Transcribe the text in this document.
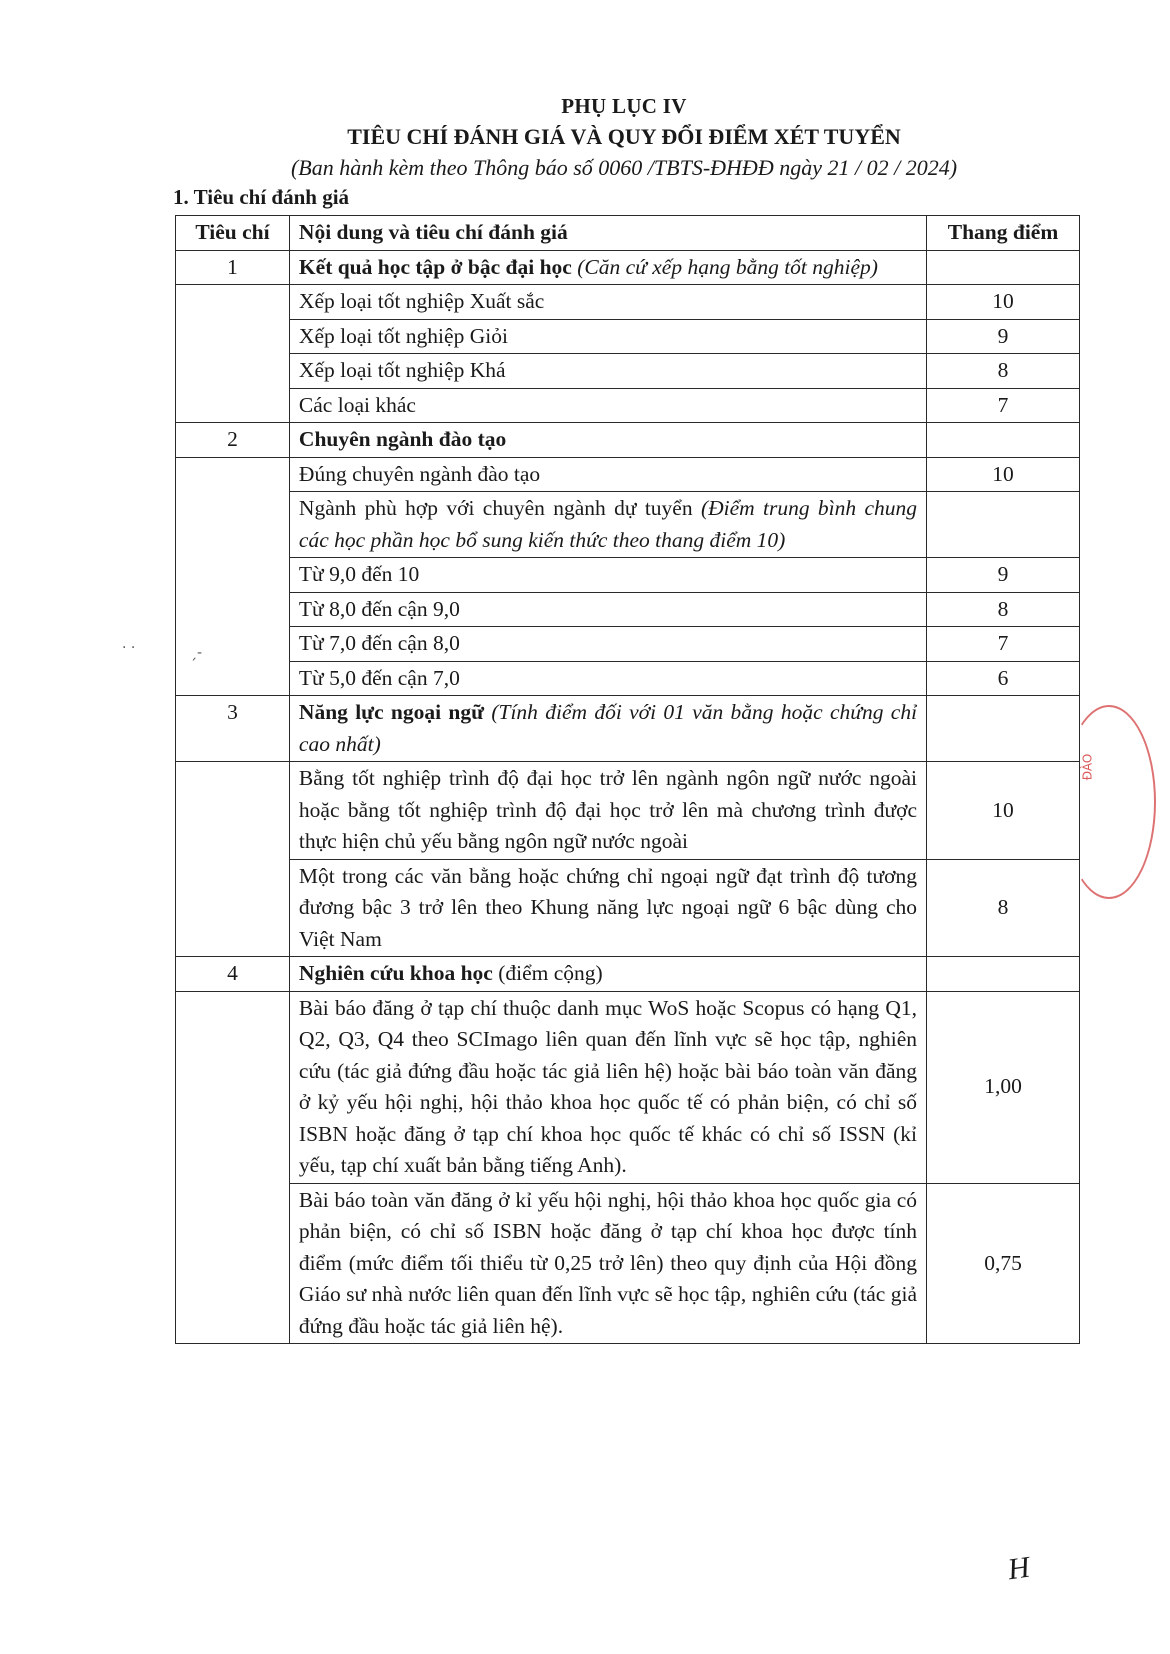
PHỤ LỤC IV
TIÊU CHÍ ĐÁNH GIÁ VÀ QUY ĐỔI ĐIỂM XÉT TUYỂN
(Ban hành kèm theo Thông báo số 0060 /TBTS-ĐHĐĐ ngày 21 / 02 / 2024)
1. Tiêu chí đánh giá
Tiêu chí	Nội dung và tiêu chí đánh giá	Thang điểm
1	Kết quả học tập ở bậc đại học (Căn cứ xếp hạng bằng tốt nghiệp)	
	Xếp loại tốt nghiệp Xuất sắc	10
	Xếp loại tốt nghiệp Giỏi	9
	Xếp loại tốt nghiệp Khá	8
	Các loại khác	7
2	Chuyên ngành đào tạo	
	Đúng chuyên ngành đào tạo	10
	Ngành phù hợp với chuyên ngành dự tuyển (Điểm trung bình chung các học phần học bổ sung kiến thức theo thang điểm 10)	
	Từ 9,0 đến 10	9
	Từ 8,0 đến cận 9,0	8
	Từ 7,0 đến cận 8,0	7
	Từ 5,0 đến cận 7,0	6
3	Năng lực ngoại ngữ (Tính điểm đối với 01 văn bằng hoặc chứng chỉ cao nhất)	
	Bằng tốt nghiệp trình độ đại học trở lên ngành ngôn ngữ nước ngoài hoặc bằng tốt nghiệp trình độ đại học trở lên mà chương trình được thực hiện chủ yếu bằng ngôn ngữ nước ngoài	10
	Một trong các văn bằng hoặc chứng chỉ ngoại ngữ đạt trình độ tương đương bậc 3 trở lên theo Khung năng lực ngoại ngữ 6 bậc dùng cho Việt Nam	8
4	Nghiên cứu khoa học (điểm cộng)	
	Bài báo đăng ở tạp chí thuộc danh mục WoS hoặc Scopus có hạng Q1, Q2, Q3, Q4 theo SCImago liên quan đến lĩnh vực sẽ học tập, nghiên cứu (tác giả đứng đầu hoặc tác giả liên hệ) hoặc bài báo toàn văn đăng ở kỷ yếu hội nghị, hội thảo khoa học quốc tế có phản biện, có chỉ số ISBN hoặc đăng ở tạp chí khoa học quốc tế khác có chỉ số ISSN (kỉ yếu, tạp chí xuất bản bằng tiếng Anh).	1,00
	Bài báo toàn văn đăng ở kỉ yếu hội nghị, hội thảo khoa học quốc gia có phản biện, có chỉ số ISBN hoặc đăng ở tạp chí khoa học được tính điểm (mức điểm tối thiểu từ 0,25 trở lên) theo quy định của Hội đồng Giáo sư nhà nước liên quan đến lĩnh vực sẽ học tập, nghiên cứu (tác giả đứng đầu hoặc tác giả liên hệ).	0,75
ĐÀO
H
· ·	ˏ-
